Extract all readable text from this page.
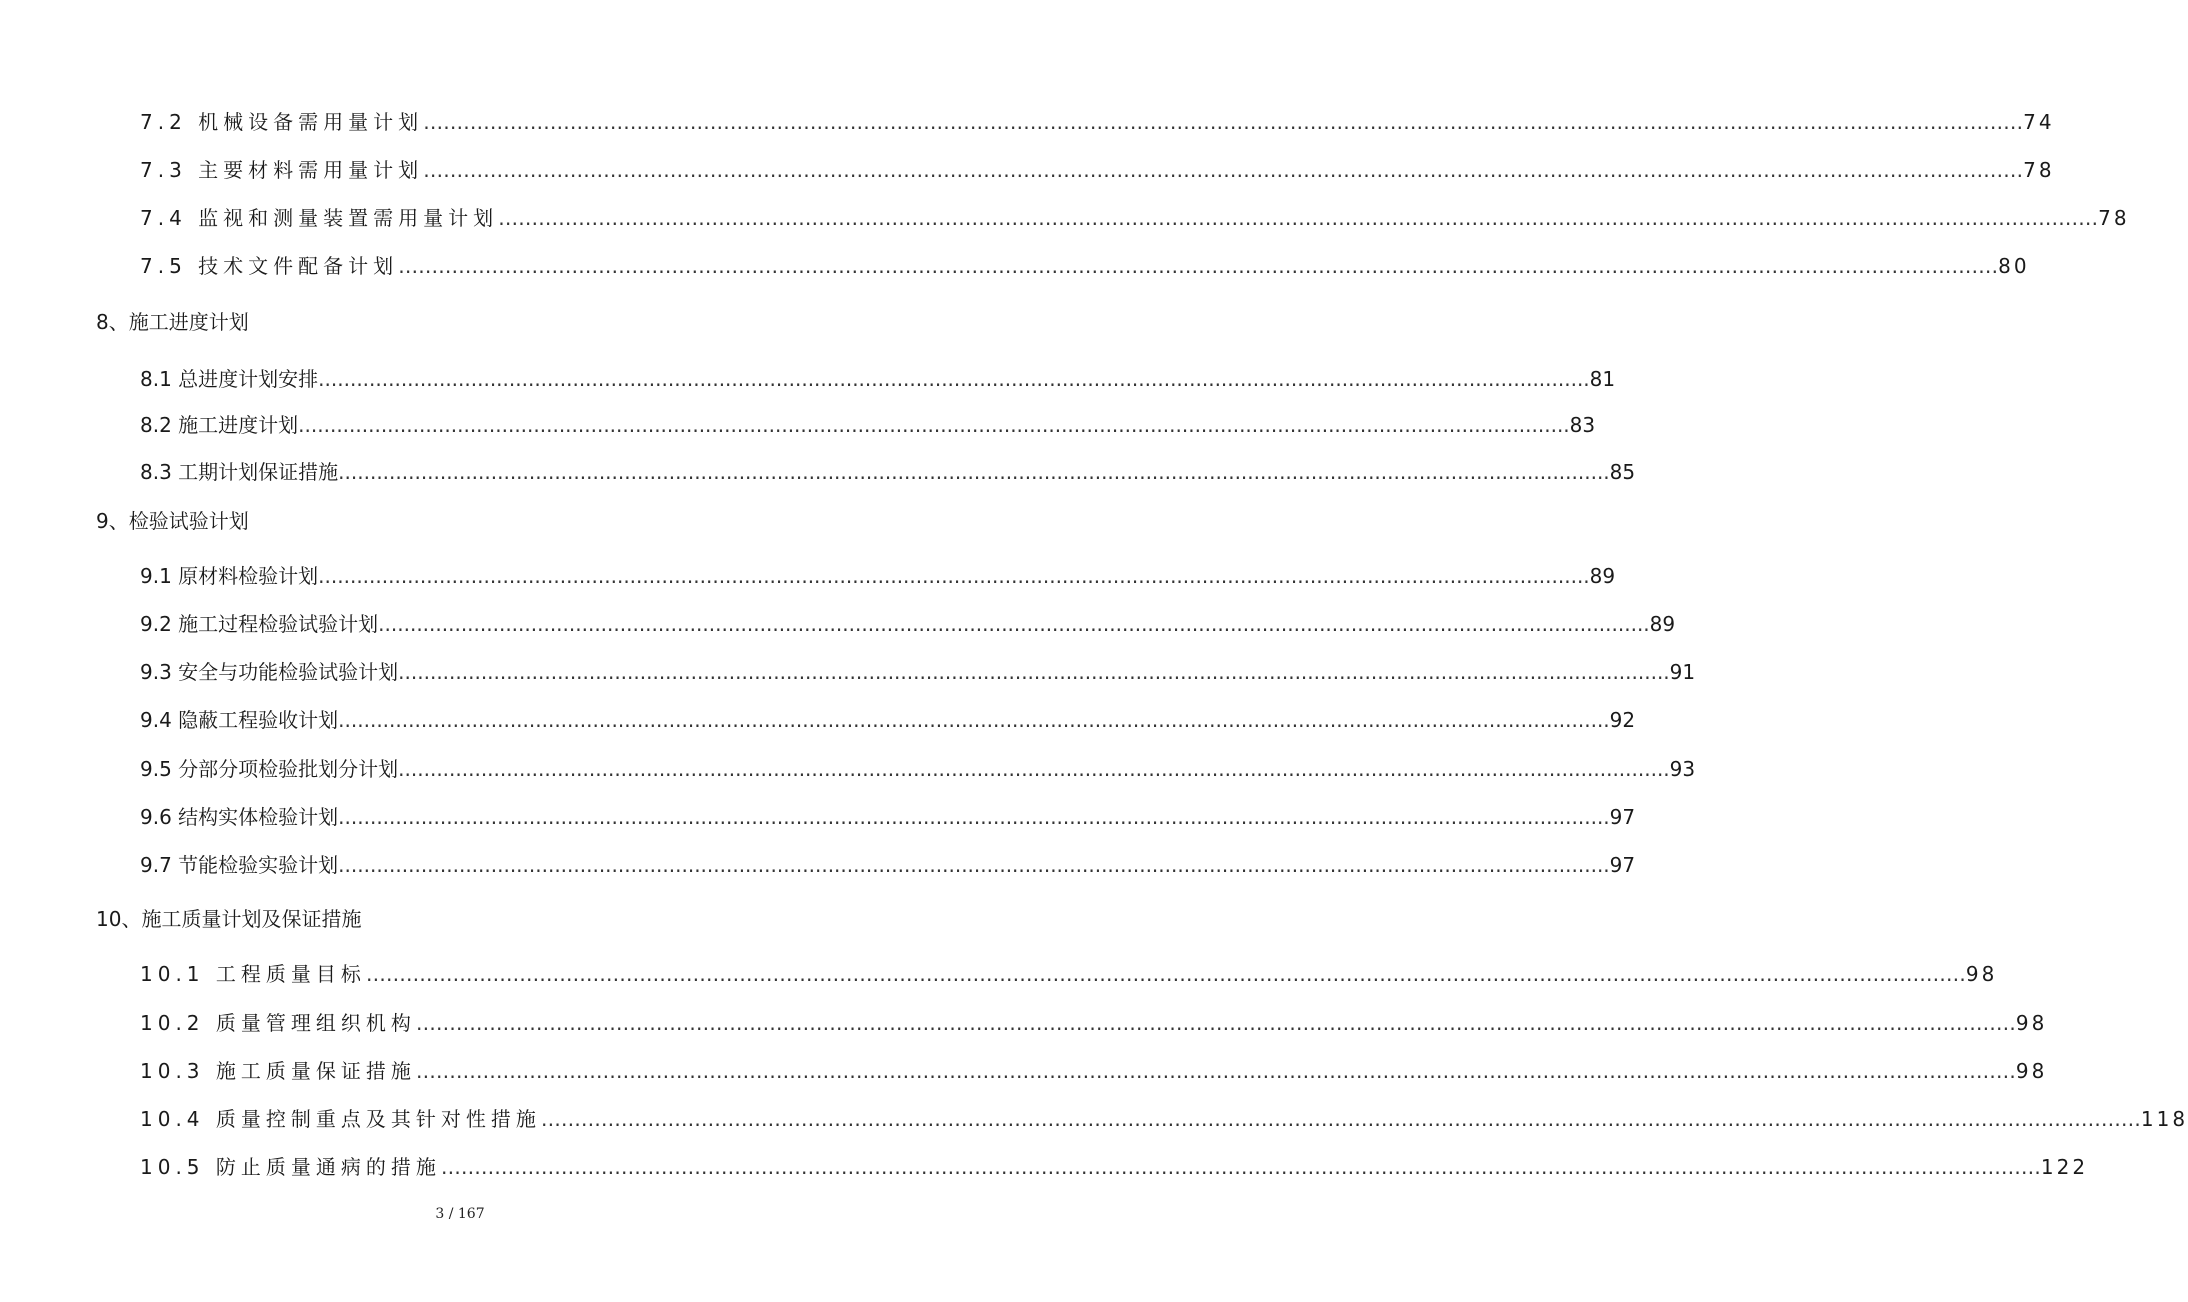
7.2 机械设备需用量计划 …………………………………………………………………………………………………………………………………………………………………………………………………………………… 74
7.3 主要材料需用量计划 …………………………………………………………………………………………………………………………………………………………………………………………………………………… 78
7.4 监视和测量装置需用量计划 …………………………………………………………………………………………………………………………………………………………………………………………………………………… 78
7.5 技术文件配备计划 …………………………………………………………………………………………………………………………………………………………………………………………………………………… 80
8、施工进度计划
8.1 总进度计划安排 ........................................................................................................................................................................................................ 81
8.2 施工进度计划 ........................................................................................................................................................................................................ 83
8.3 工期计划保证措施 ........................................................................................................................................................................................................ 85
9、检验试验计划
9.1 原材料检验计划 ........................................................................................................................................................................................................ 89
9.2 施工过程检验试验计划 ........................................................................................................................................................................................................ 89
9.3 安全与功能检验试验计划 ........................................................................................................................................................................................................ 91
9.4 隐蔽工程验收计划 ........................................................................................................................................................................................................ 92
9.5 分部分项检验批划分计划 ........................................................................................................................................................................................................ 93
9.6 结构实体检验计划 ........................................................................................................................................................................................................ 97
9.7 节能检验实验计划 ........................................................................................................................................................................................................ 97
10、施工质量计划及保证措施
10.1 工程质量目标 …………………………………………………………………………………………………………………………………………………………………………………………………………………… 98
10.2 质量管理组织机构 …………………………………………………………………………………………………………………………………………………………………………………………………………………… 98
10.3 施工质量保证措施 …………………………………………………………………………………………………………………………………………………………………………………………………………………… 98
10.4 质量控制重点及其针对性措施 …………………………………………………………………………………………………………………………………………………………………………………………………………………… 118
10.5 防止质量通病的措施 …………………………………………………………………………………………………………………………………………………………………………………………………………………… 122
3 / 167
